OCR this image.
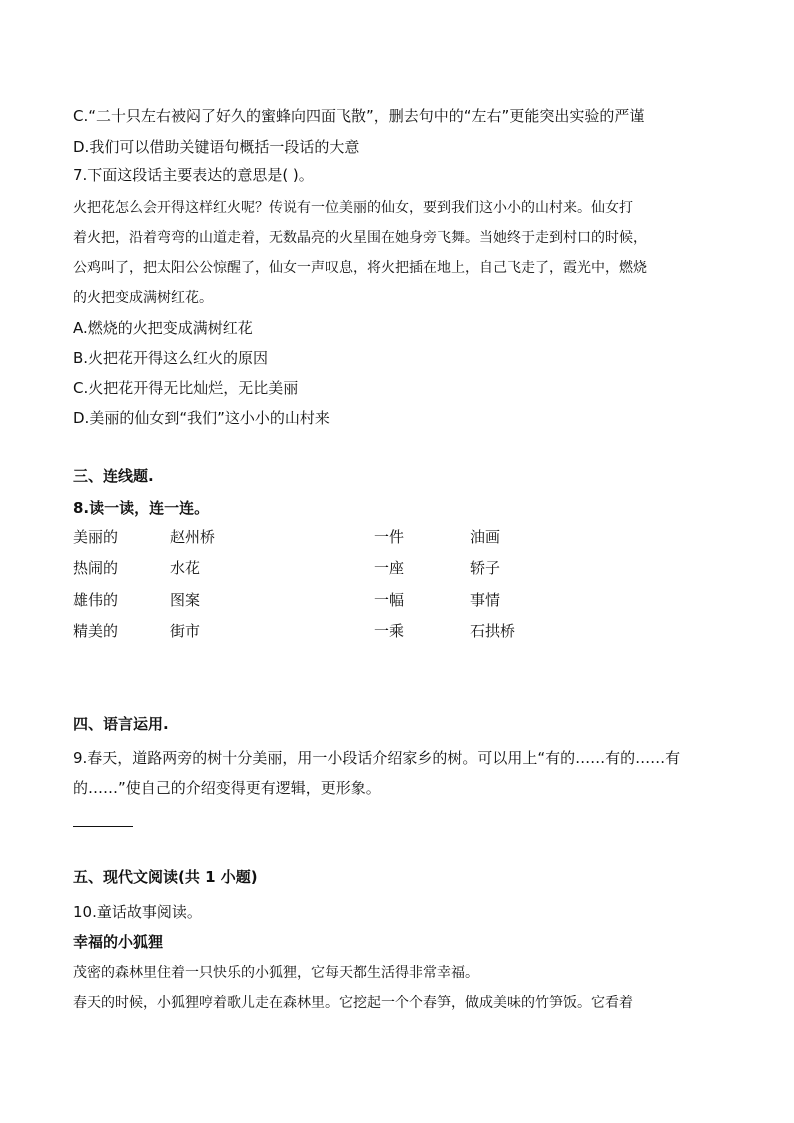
C.“二十只左右被闷了好久的蜜蜂向四面飞散”，删去句中的“左右”更能突出实验的严谨
D.我们可以借助关键语句概括一段话的大意
7.下面这段话主要表达的意思是( )。
火把花怎么会开得这样红火呢？传说有一位美丽的仙女，要到我们这小小的山村来。仙女打
着火把，沿着弯弯的山道走着，无数晶亮的火星围在她身旁飞舞。当她终于走到村口的时候，
公鸡叫了，把太阳公公惊醒了，仙女一声叹息，将火把插在地上，自己飞走了，霞光中，燃烧
的火把变成满树红花。
A.燃烧的火把变成满树红花
B.火把花开得这么红火的原因
C.火把花开得无比灿烂，无比美丽
D.美丽的仙女到“我们”这小小的山村来
三、连线题.
8.读一读，连一连。
美丽的	赵州桥	一件	油画
热闹的	水花	一座	轿子
雄伟的	图案	一幅	事情
精美的	街市	一乘	石拱桥
四、语言运用.
9.春天，道路两旁的树十分美丽，用一小段话介绍家乡的树。可以用上“有的……有的……有
的……”使自己的介绍变得更有逻辑，更形象。
五、现代文阅读(共 1 小题)
10.童话故事阅读。
幸福的小狐狸
茂密的森林里住着一只快乐的小狐狸，它每天都生活得非常幸福。
春天的时候，小狐狸哼着歌儿走在森林里。它挖起一个个春笋，做成美味的竹笋饭。它看着
